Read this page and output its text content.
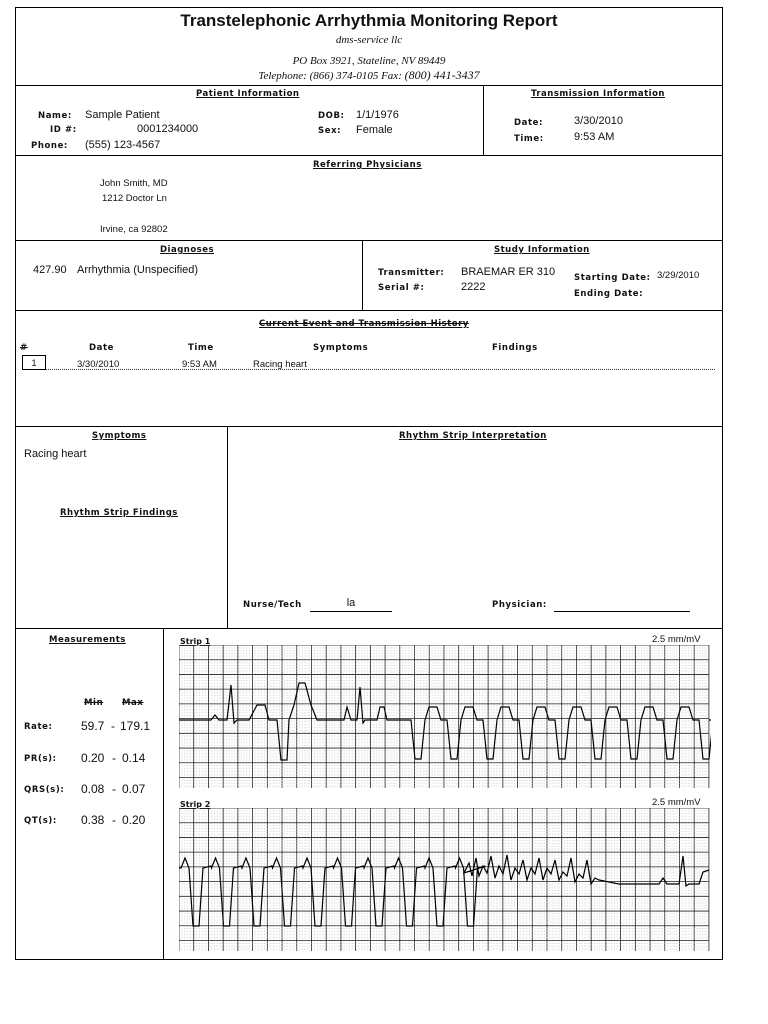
Transtelephonic Arrhythmia Monitoring Report
dms-service llc
PO Box 3921, Stateline, NV 89449
Telephone: (866) 374-0105 Fax: (800) 441-3437
Patient Information
Name: Sample Patient
ID #:	0001234000
Phone: (555) 123-4567
DOB: 1/1/1976
Sex: Female
Transmission Information
Date:	3/30/2010
Time:	9:53 AM
Referring Physicians
John Smith, MD
1212 Doctor Ln
Irvine, ca 92802
Diagnoses
427.90 Arrhythmia (Unspecified)
Study Information
Transmitter: BRAEMAR ER 310
Serial #:	2222
Starting Date: 3/29/2010
Ending Date:
Current Event and Transmission History
#	Date	Time	Symptoms	Findings
1	3/30/2010	9:53 AM	Racing heart
Symptoms
Racing heart
Rhythm Strip Findings
Rhythm Strip Interpretation
Nurse/Tech	la	Physician:
Measurements
Min Max
Rate: 59.7 - 179.1
PR(s): 0.20 - 0.14
QRS(s): 0.08 - 0.07
QT(s): 0.38 - 0.20
Strip 1	2.5 mm/mV
Strip 2	2.5 mm/mV
